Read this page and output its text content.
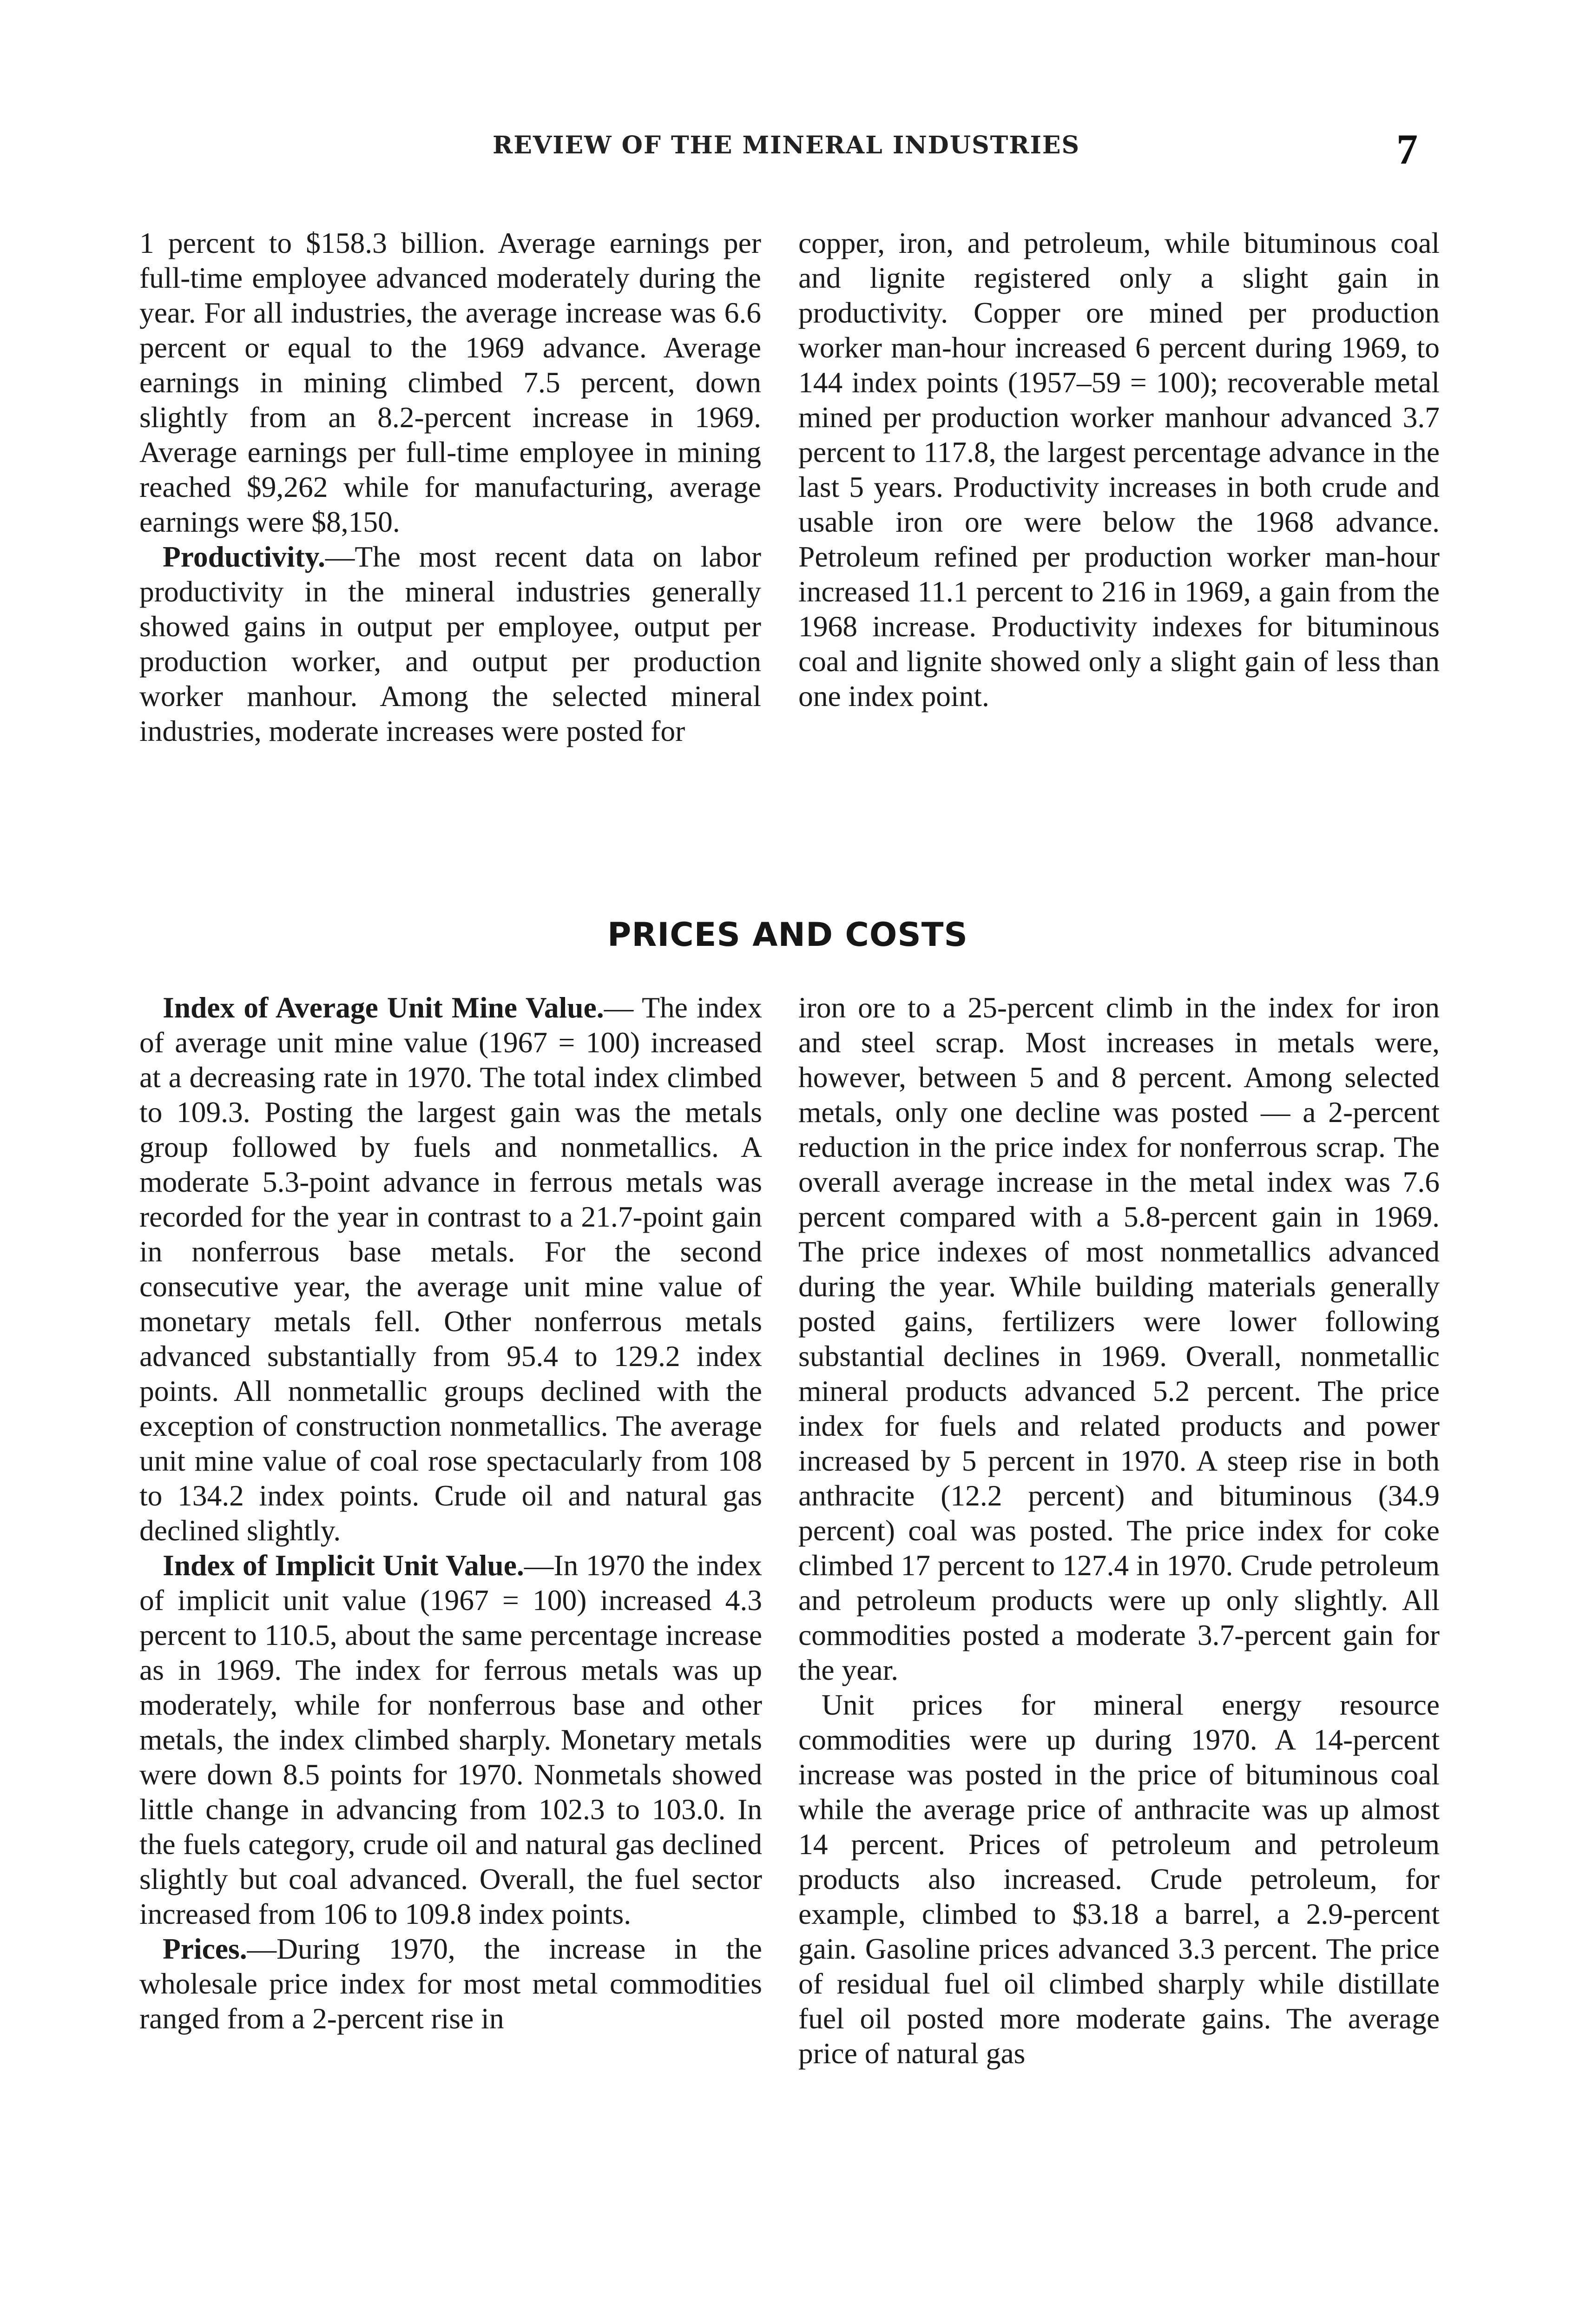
REVIEW OF THE MINERAL INDUSTRIES	7

1 percent to $158.3 billion. Average earnings per full-time employee advanced moderately during the year. For all industries, the average increase was 6.6 percent or equal to the 1969 advance. Average earnings in mining climbed 7.5 percent, down slightly from an 8.2-percent increase in 1969. Average earnings per full-time employee in mining reached $9,262 while for manufacturing, average earnings were $8,150.

Productivity.—The most recent data on labor productivity in the mineral industries generally showed gains in output per employee, output per production worker, and output per production worker manhour. Among the selected mineral industries, moderate increases were posted for

copper, iron, and petroleum, while bituminous coal and lignite registered only a slight gain in productivity. Copper ore mined per production worker man-hour increased 6 percent during 1969, to 144 index points (1957–59 = 100); recoverable metal mined per production worker manhour advanced 3.7 percent to 117.8, the largest percentage advance in the last 5 years. Productivity increases in both crude and usable iron ore were below the 1968 advance. Petroleum refined per production worker man-hour increased 11.1 percent to 216 in 1969, a gain from the 1968 increase. Productivity indexes for bituminous coal and lignite showed only a slight gain of less than one index point.

PRICES AND COSTS

Index of Average Unit Mine Value.— The index of average unit mine value (1967 = 100) increased at a decreasing rate in 1970. The total index climbed to 109.3. Posting the largest gain was the metals group followed by fuels and nonmetallics. A moderate 5.3-point advance in ferrous metals was recorded for the year in contrast to a 21.7-point gain in nonferrous base metals. For the second consecutive year, the average unit mine value of monetary metals fell. Other nonferrous metals advanced substantially from 95.4 to 129.2 index points. All nonmetallic groups declined with the exception of construction nonmetallics. The average unit mine value of coal rose spectacularly from 108 to 134.2 index points. Crude oil and natural gas declined slightly.

Index of Implicit Unit Value.—In 1970 the index of implicit unit value (1967 = 100) increased 4.3 percent to 110.5, about the same percentage increase as in 1969. The index for ferrous metals was up moderately, while for nonferrous base and other metals, the index climbed sharply. Monetary metals were down 8.5 points for 1970. Nonmetals showed little change in advancing from 102.3 to 103.0. In the fuels category, crude oil and natural gas declined slightly but coal advanced. Overall, the fuel sector increased from 106 to 109.8 index points.

Prices.—During 1970, the increase in the wholesale price index for most metal commodities ranged from a 2-percent rise in

iron ore to a 25-percent climb in the index for iron and steel scrap. Most increases in metals were, however, between 5 and 8 percent. Among selected metals, only one decline was posted — a 2-percent reduction in the price index for nonferrous scrap. The overall average increase in the metal index was 7.6 percent compared with a 5.8-percent gain in 1969. The price indexes of most nonmetallics advanced during the year. While building materials generally posted gains, fertilizers were lower following substantial declines in 1969. Overall, nonmetallic mineral products advanced 5.2 percent. The price index for fuels and related products and power increased by 5 percent in 1970. A steep rise in both anthracite (12.2 percent) and bituminous (34.9 percent) coal was posted. The price index for coke climbed 17 percent to 127.4 in 1970. Crude petroleum and petroleum products were up only slightly. All commodities posted a moderate 3.7-percent gain for the year.

Unit prices for mineral energy resource commodities were up during 1970. A 14-percent increase was posted in the price of bituminous coal while the average price of anthracite was up almost 14 percent. Prices of petroleum and petroleum products also increased. Crude petroleum, for example, climbed to $3.18 a barrel, a 2.9-percent gain. Gasoline prices advanced 3.3 percent. The price of residual fuel oil climbed sharply while distillate fuel oil posted more moderate gains. The average price of natural gas
